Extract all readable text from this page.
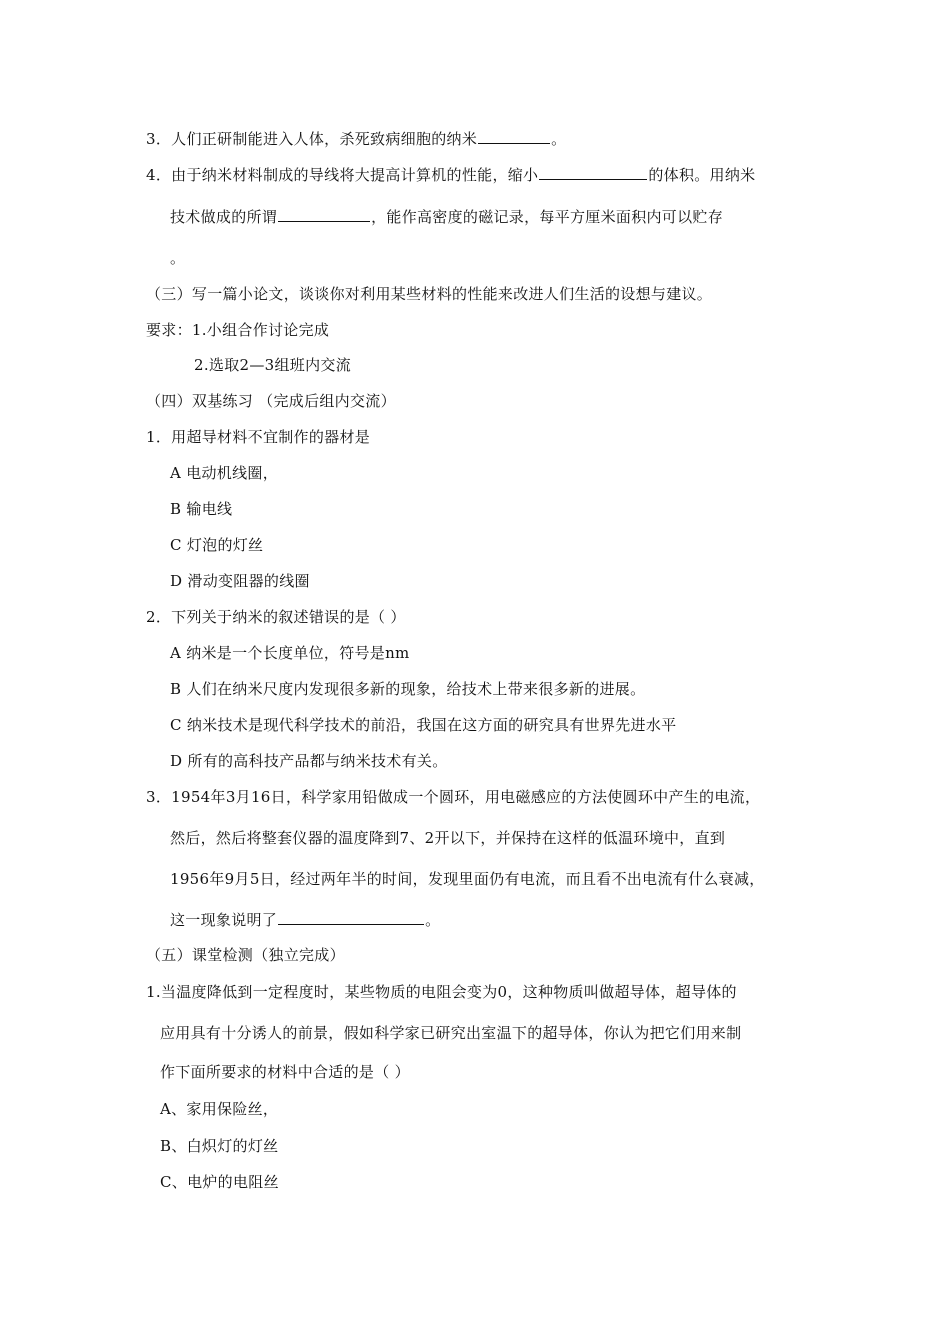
3．人们正研制能进入人体，杀死致病细胞的纳米	。
4．由于纳米材料制成的导线将大提高计算机的性能，缩小	的体积。用纳米
技术做成的所谓	，能作高密度的磁记录，每平方厘米面积内可以贮存
。
（三）写一篇小论文，谈谈你对利用某些材料的性能来改进人们生活的设想与建议。
要求：1.小组合作讨论完成
2.选取2—3组班内交流
（四）双基练习 （完成后组内交流）
1．用超导材料不宜制作的器材是
A 电动机线圈，
B 输电线
C 灯泡的灯丝
D 滑动变阻器的线圈
2．下列关于纳米的叙述错误的是（ ）
A 纳米是一个长度单位，符号是nm
B 人们在纳米尺度内发现很多新的现象，给技术上带来很多新的进展。
C 纳米技术是现代科学技术的前沿，我国在这方面的研究具有世界先进水平
D 所有的高科技产品都与纳米技术有关。
3．1954年3月16日，科学家用铅做成一个圆环，用电磁感应的方法使圆环中产生的电流，
然后，然后将整套仪器的温度降到7、2开以下，并保持在这样的低温环境中，直到
1956年9月5日，经过两年半的时间，发现里面仍有电流，而且看不出电流有什么衰减，
这一现象说明了	。
（五）课堂检测（独立完成）
1.当温度降低到一定程度时，某些物质的电阻会变为0，这种物质叫做超导体，超导体的
应用具有十分诱人的前景，假如科学家已研究出室温下的超导体，你认为把它们用来制
作下面所要求的材料中合适的是（ ）
A、家用保险丝，
B、白炽灯的灯丝
C、电炉的电阻丝
